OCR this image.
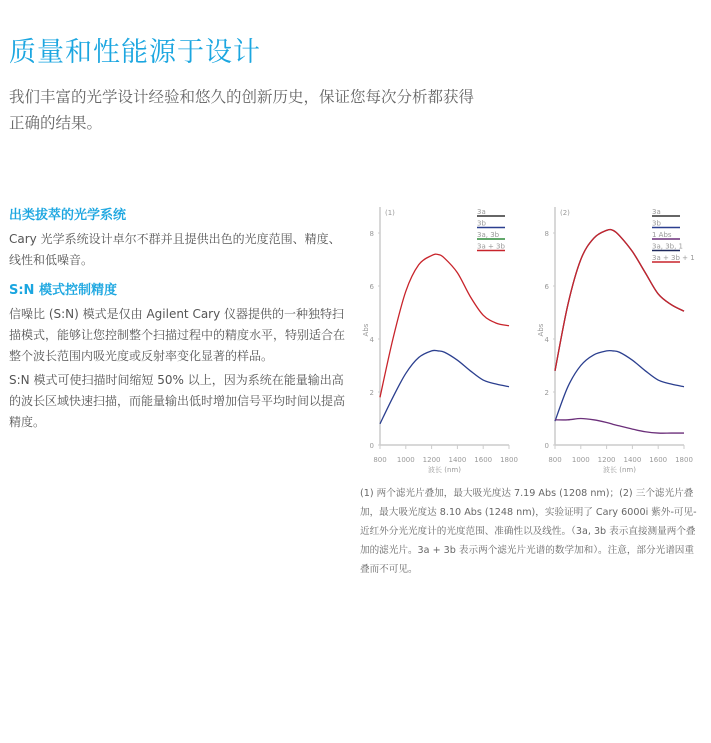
质量和性能源于设计
我们丰富的光学设计经验和悠久的创新历史，保证您每次分析都获得正确的结果。
出类拔萃的光学系统
Cary 光学系统设计卓尔不群并且提供出色的光度范围、精度、线性和低噪音。
S:N 模式控制精度
信噪比 (S:N) 模式是仅由 Agilent Cary 仪器提供的一种独特扫描模式，能够让您控制整个扫描过程中的精度水平，特别适合在整个波长范围内吸光度或反射率变化显著的样品。
S:N 模式可使扫描时间缩短 50% 以上，因为系统在能量输出高的波长区域快速扫描，而能量输出低时增加信号平均时间以提高精度。
(1)
0
2
4
6
8
800 1000 1200 1400 1600 1800
波长 (nm)
Abs
3a
3b
3a, 3b
3a + 3b
(2)
0
2
4
6
8
800 1000 1200 1400 1600 1800
波长 (nm)
Abs
3a
3b
1 Abs
3a, 3b, 1
3a + 3b + 1
(1) 两个滤光片叠加，最大吸光度达 7.19 Abs (1208 nm)；(2) 三个滤光片叠加，最大吸光度达 8.10 Abs (1248 nm)，实验证明了 Cary 6000i 紫外-可见-近红外分光光度计的光度范围、准确性以及线性。（3a, 3b 表示直接测量两个叠加的滤光片。3a + 3b 表示两个滤光片光谱的数学加和）。注意，部分光谱因重叠而不可见。
